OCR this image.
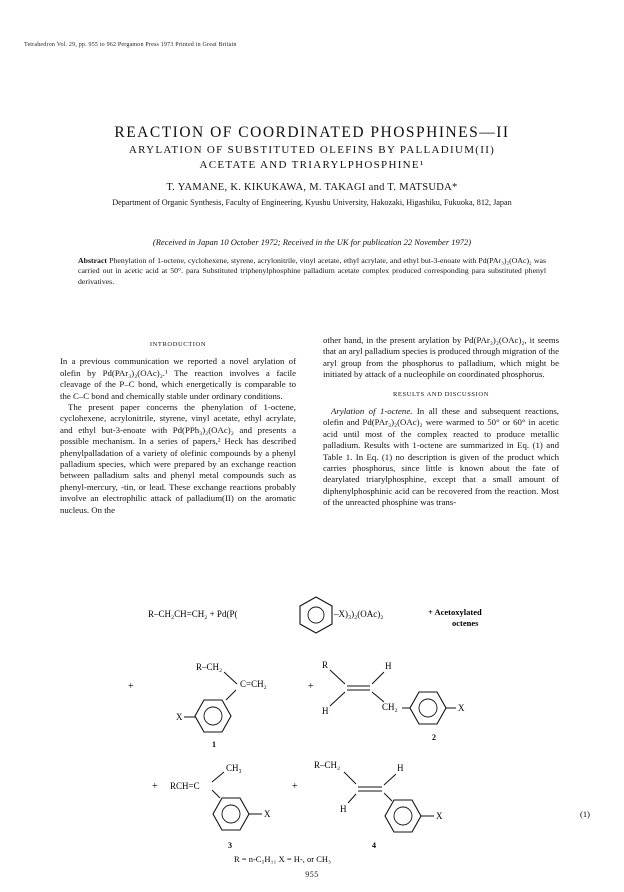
Tetrahedron Vol. 29, pp. 955 to 962 Pergamon Press 1973 Printed in Great Britain
REACTION OF COORDINATED PHOSPHINES—II
ARYLATION OF SUBSTITUTED OLEFINS BY PALLADIUM(II)
ACETATE AND TRIARYLPHOSPHINE¹
T. YAMANE, K. KIKUKAWA, M. TAKAGI and T. MATSUDA*
Department of Organic Synthesis, Faculty of Engineering, Kyushu University, Hakozaki, Higashiku, Fukuoka, 812, Japan
(Received in Japan 10 October 1972; Received in the UK for publication 22 November 1972)
Abstract Phenylation of 1-octene, cyclohexene, styrene, acrylonitrile, vinyl acetate, ethyl acrylate, and ethyl but-3-enoate with Pd(PAr₃)₂(OAc)₂ was carried out in acetic acid at 50°. para Substituted triphenylphosphine palladium acetate complex produced corresponding para substituted phenyl derivatives.
INTRODUCTION

In a previous communication we reported a novel arylation of olefin by Pd(PAr₃)₂(OAc)₂.¹ The reaction involves a facile cleavage of the P–C bond, which energetically is comparable to the C–C bond and chemically stable under ordinary conditions.

The present paper concerns the phenylation of 1-octene, cyclohexene, acrylonitrile, styrene, vinyl acetate, ethyl acrylate, and ethyl but-3-enoate with Pd(PPh₃)₂(OAc)₂ and presents a possible mechanism. In a series of papers,² Heck has described phenylpalladation of a variety of olefinic compounds by a phenyl palladium species, which were prepared by an exchange reaction between palladium salts and phenyl metal compounds such as phenyl-mercury, -tin, or lead. These exchange reactions probably involve an electrophilic attack of palladium(II) on the aromatic nucleus. On the

other hand, in the present arylation by Pd(PAr₃)₂(OAc)₂, it seems that an aryl palladium species is produced through migration of the aryl group from the phosphorus to palladium, which might be initiated by attack of a nucleophile on coordinated phosphorus.

RESULTS AND DISCUSSION

Arylation of 1-octene. In all these and subsequent reactions, olefin and Pd(PAr₃)₂(OAc)₂ were warmed to 50° or 60° in acetic acid until most of the complex reacted to produce metallic palladium. Results with 1-octene are summarized in Eq. (1) and Table 1. In Eq. (1) no description is given of the product which carries phosphorus, since little is known about the fate of dearylated triarylphosphine, except that a small amount of diphenylphosphinic acid can be recovered from the reaction. Most of the unreacted phosphine was trans-

R–CH₂CH=CH₂ + Pd(P(	–X)₃)₂(OAc)₂	+ Acetoxylated
octenes
+
R–CH₂
C=CH₂
X
1
+
R
H
H
CH₂	X
2
+ RCH=C
CH₃
X
3
+
R–CH₂
H
H
X
4
(1)
R = n-C₅H₁₁ X = H-, or CH₃
955
